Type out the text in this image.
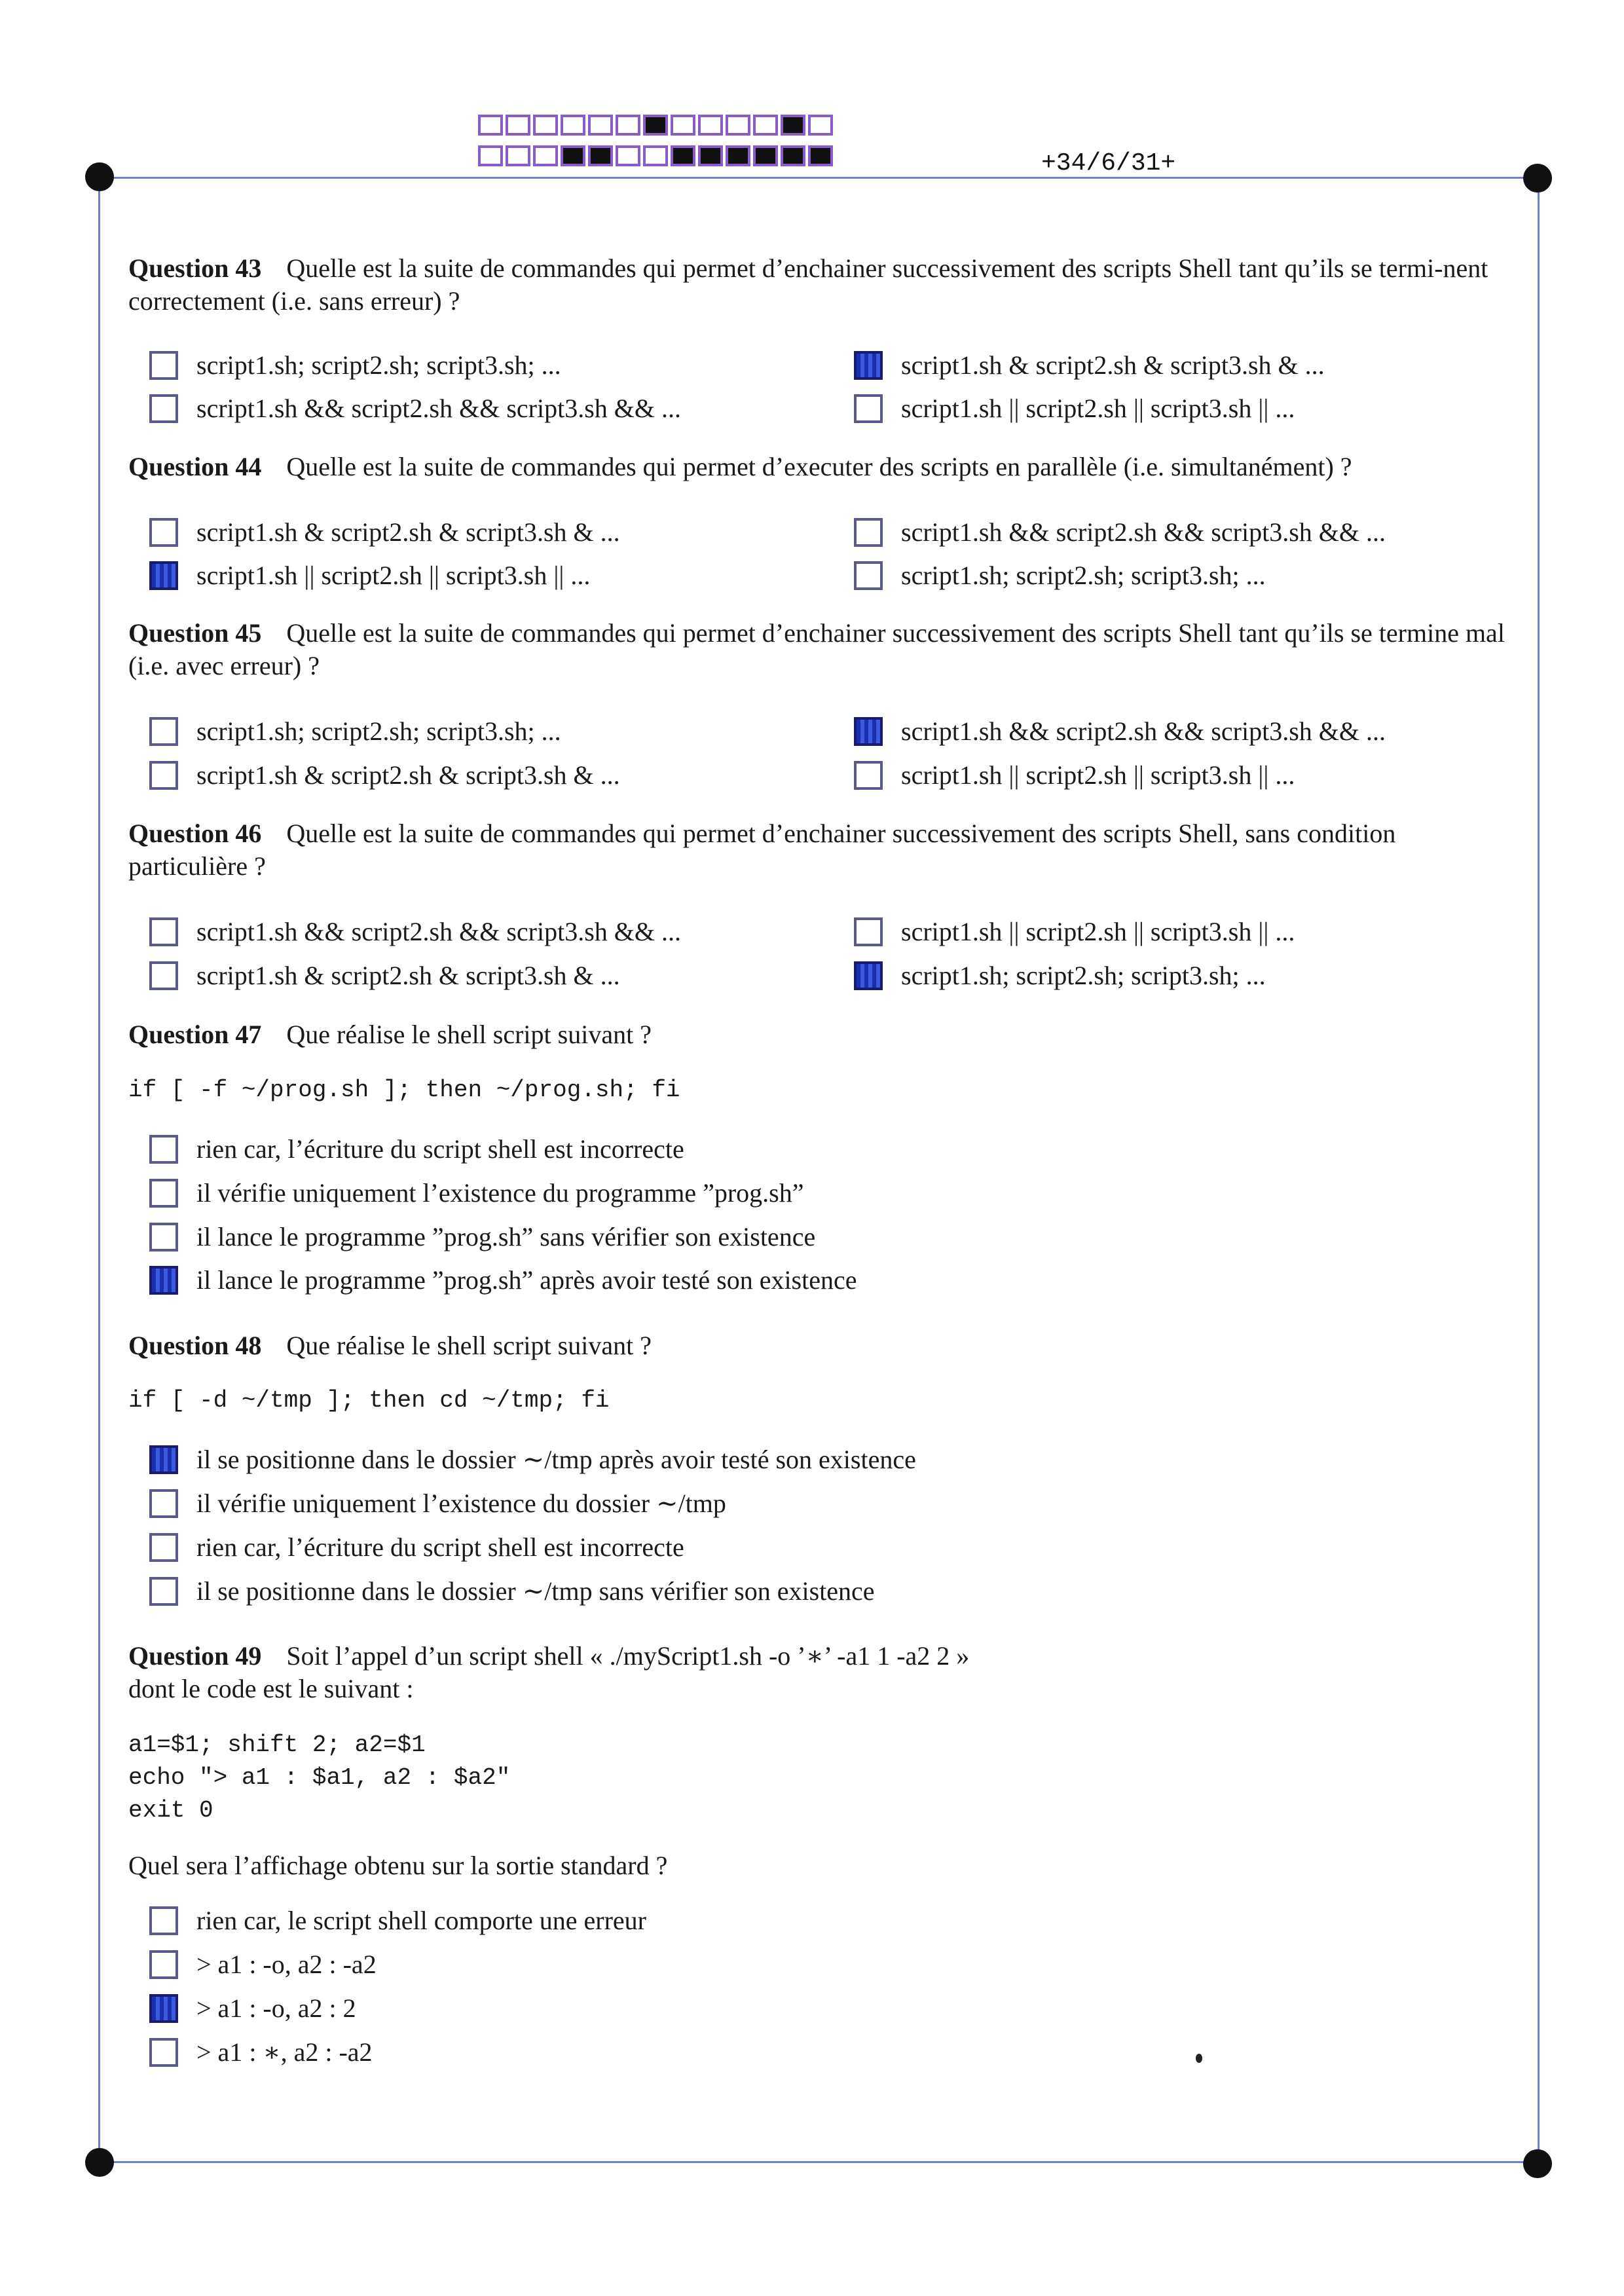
+34/6/31+
Question 43 Quelle est la suite de commandes qui permet d’enchainer successivement des scripts Shell tant qu’ils se termi-nent correctement (i.e. sans erreur) ?
script1.sh; script2.sh; script3.sh; ...	script1.sh & script2.sh & script3.sh & ...
script1.sh && script2.sh && script3.sh && ...	script1.sh || script2.sh || script3.sh || ...
Question 44 Quelle est la suite de commandes qui permet d’executer des scripts en parallèle (i.e. simultanément) ?
script1.sh & script2.sh & script3.sh & ...	script1.sh && script2.sh && script3.sh && ...
script1.sh || script2.sh || script3.sh || ...	script1.sh; script2.sh; script3.sh; ...
Question 45 Quelle est la suite de commandes qui permet d’enchainer successivement des scripts Shell tant qu’ils se termine mal (i.e. avec erreur) ?
script1.sh; script2.sh; script3.sh; ...	script1.sh && script2.sh && script3.sh && ...
script1.sh & script2.sh & script3.sh & ...	script1.sh || script2.sh || script3.sh || ...
Question 46 Quelle est la suite de commandes qui permet d’enchainer successivement des scripts Shell, sans condition particulière ?
script1.sh && script2.sh && script3.sh && ...	script1.sh || script2.sh || script3.sh || ...
script1.sh & script2.sh & script3.sh & ...	script1.sh; script2.sh; script3.sh; ...
Question 47 Que réalise le shell script suivant ?
if [ -f ~/prog.sh ]; then ~/prog.sh; fi
rien car, l’écriture du script shell est incorrecte
il vérifie uniquement l’existence du programme ”prog.sh”
il lance le programme ”prog.sh” sans vérifier son existence
il lance le programme ”prog.sh” après avoir testé son existence
Question 48 Que réalise le shell script suivant ?
if [ -d ~/tmp ]; then cd ~/tmp; fi
il se positionne dans le dossier ∼/tmp après avoir testé son existence
il vérifie uniquement l’existence du dossier ∼/tmp
rien car, l’écriture du script shell est incorrecte
il se positionne dans le dossier ∼/tmp sans vérifier son existence
Question 49 Soit l’appel d’un script shell « ./myScript1.sh -o ’∗’ -a1 1 -a2 2 »
dont le code est le suivant :
a1=$1; shift 2; a2=$1
echo "> a1 : $a1, a2 : $a2"
exit 0
Quel sera l’affichage obtenu sur la sortie standard ?
rien car, le script shell comporte une erreur
> a1 : -o, a2 : -a2
> a1 : -o, a2 : 2
> a1 : ∗, a2 : -a2
